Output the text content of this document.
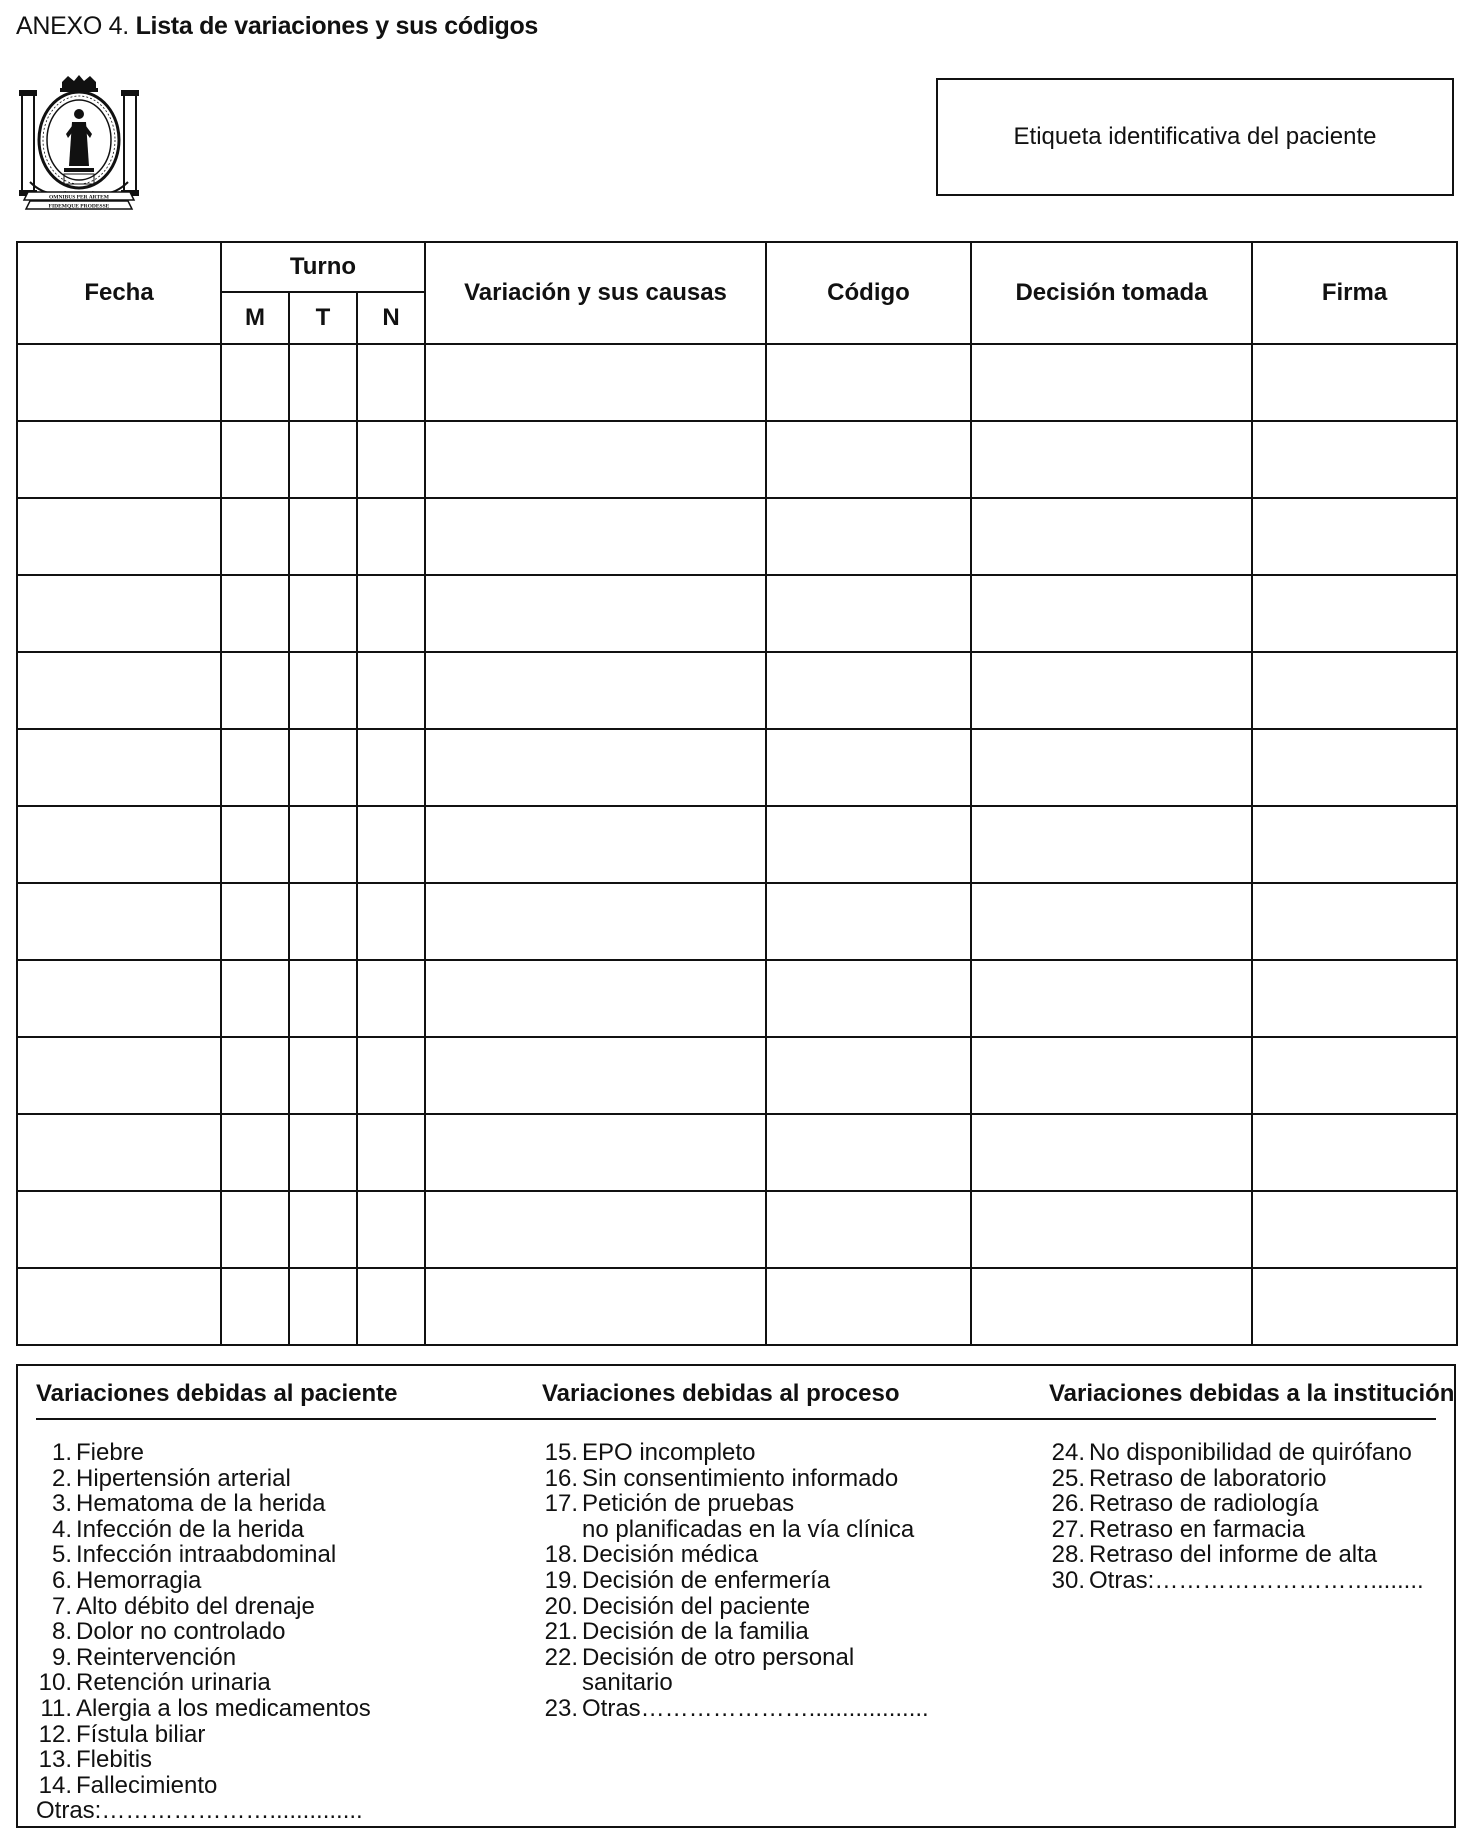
ANEXO 4. Lista de variaciones y sus códigos
OMNIBUS PER ARTEM
FIDEMQUE PRODESSE
Etiqueta identificativa del paciente
Fecha	Turno			Variación y sus causas	Código	Decisión tomada	Firma
	M	T	N				

Variaciones debidas al paciente
1. Fiebre
2. Hipertensión arterial
3. Hematoma de la herida
4. Infección de la herida
5. Infección intraabdominal
6. Hemorragia
7. Alto débito del drenaje
8. Dolor no controlado
9. Reintervención
10. Retención urinaria
11. Alergia a los medicamentos
12. Fístula biliar
13. Flebitis
14. Fallecimiento
Otras:…………………..............
Variaciones debidas al proceso
15. EPO incompleto
16. Sin consentimiento informado
17. Petición de pruebas
no planificadas en la vía clínica
18. Decisión médica
19. Decisión de enfermería
20. Decisión del paciente
21. Decisión de la familia
22. Decisión de otro personal
sanitario
23. Otras…………………..................
Variaciones debidas a la institución
24. No disponibilidad de quirófano
25. Retraso de laboratorio
26. Retraso de radiología
27. Retraso en farmacia
28. Retraso del informe de alta
30. Otras:………………………........
